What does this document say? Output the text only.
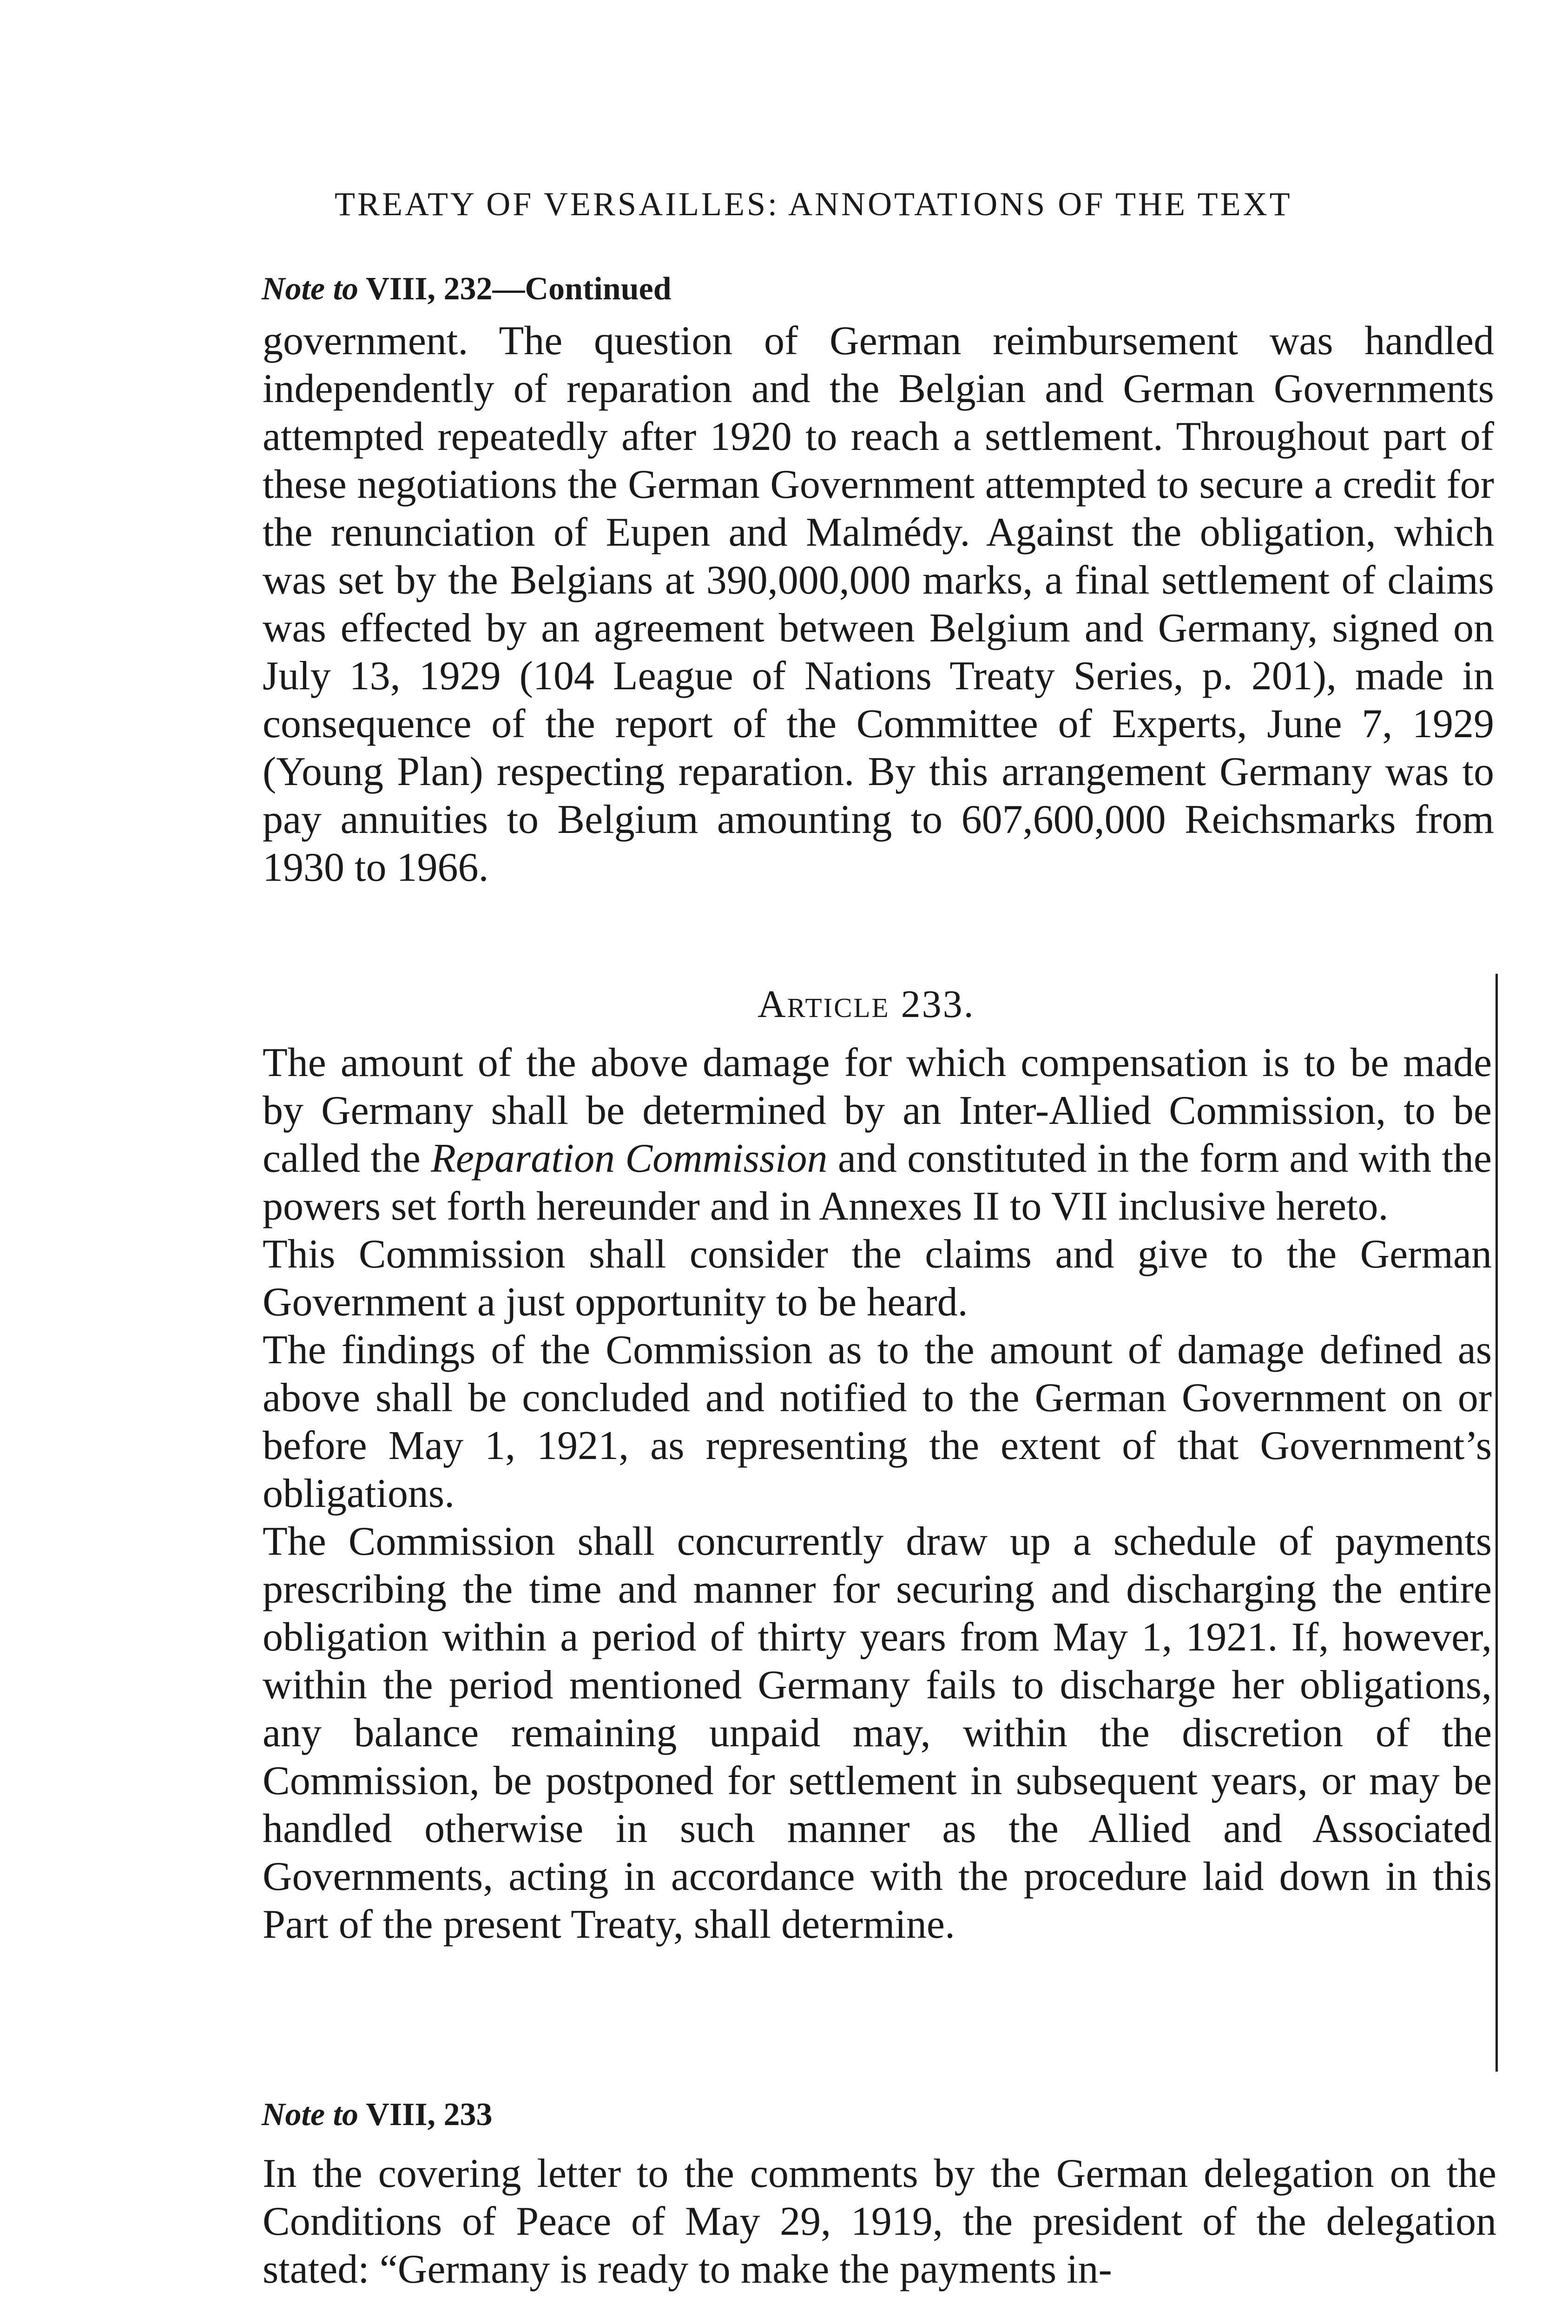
TREATY OF VERSAILLES: ANNOTATIONS OF THE TEXT
Note to VIII, 232—Continued

government. The question of German reimbursement was handled independently of reparation and the Belgian and German Governments attempted repeatedly after 1920 to reach a settlement. Throughout part of these negotiations the German Government attempted to secure a credit for the renunciation of Eupen and Malmédy. Against the obligation, which was set by the Belgians at 390,000,000 marks, a final settlement of claims was effected by an agreement between Belgium and Germany, signed on July 13, 1929 (104 League of Nations Treaty Series, p. 201), made in consequence of the report of the Committee of Experts, June 7, 1929 (Young Plan) respecting reparation. By this arrangement Germany was to pay annuities to Belgium amounting to 607,600,000 Reichsmarks from 1930 to 1966.

Article 233.

The amount of the above damage for which compensation is to be made by Germany shall be determined by an Inter-Allied Commission, to be called the Reparation Commission and constituted in the form and with the powers set forth hereunder and in Annexes II to VII inclusive hereto.

This Commission shall consider the claims and give to the German Government a just opportunity to be heard.

The findings of the Commission as to the amount of damage defined as above shall be concluded and notified to the German Government on or before May 1, 1921, as representing the extent of that Government’s obligations.

The Commission shall concurrently draw up a schedule of payments prescribing the time and manner for securing and discharging the entire obligation within a period of thirty years from May 1, 1921. If, however, within the period mentioned Germany fails to discharge her obligations, any balance remaining unpaid may, within the discretion of the Commission, be postponed for settlement in subsequent years, or may be handled otherwise in such manner as the Allied and Associated Governments, acting in accordance with the procedure laid down in this Part of the present Treaty, shall determine.

Note to VIII, 233

In the covering letter to the comments by the German delegation on the Conditions of Peace of May 29, 1919, the president of the delegation stated: “Germany is ready to make the payments in-
